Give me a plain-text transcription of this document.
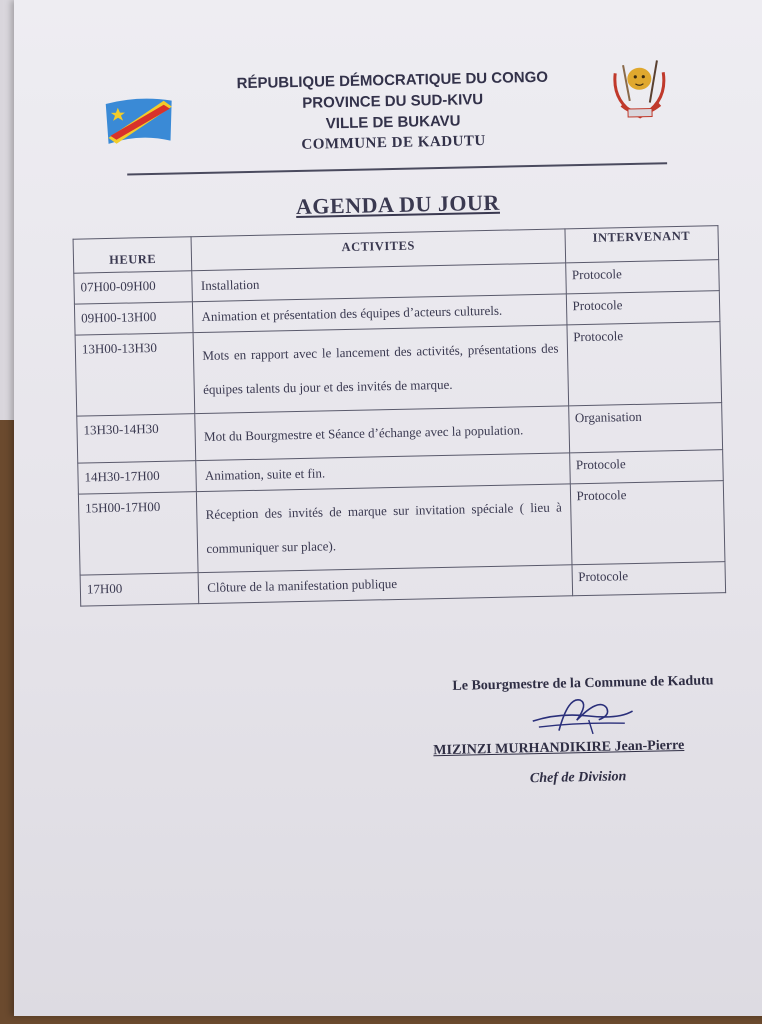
RÉPUBLIQUE DÉMOCRATIQUE DU CONGO
PROVINCE DU SUD-KIVU
VILLE DE BUKAVU
COMMUNE DE KADUTU
AGENDA DU JOUR
HEURE	ACTIVITES	INTERVENANT
07H00-09H00	Installation	Protocole
09H00-13H00	Animation et présentation des équipes d’acteurs culturels.	Protocole
13H00-13H30	Mots en rapport avec le lancement des activités, présentations des équipes talents du jour et des invités de marque.	Protocole
13H30-14H30	Mot du Bourgmestre et Séance d’échange avec la population.	Organisation
14H30-17H00	Animation, suite et fin.	Protocole
15H00-17H00	Réception des invités de marque sur invitation spéciale ( lieu à communiquer sur place).	Protocole
17H00	Clôture de la manifestation publique	Protocole
Le Bourgmestre de la Commune de Kadutu
MIZINZI MURHANDIKIRE Jean-Pierre
Chef de Division
